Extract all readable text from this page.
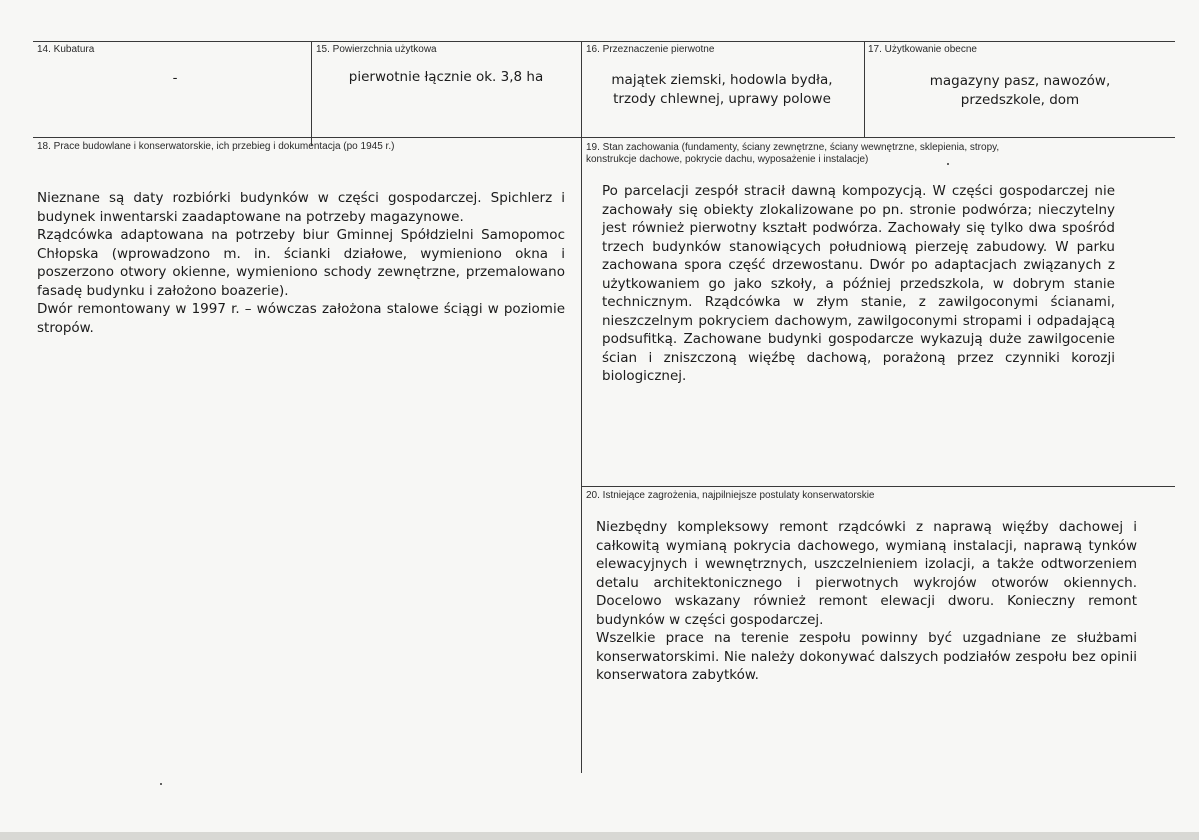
14. Kubatura
-
15. Powierzchnia użytkowa
pierwotnie łącznie ok. 3,8 ha
16. Przeznaczenie pierwotne
majątek ziemski, hodowla bydła,
trzody chlewnej, uprawy polowe
17. Użytkowanie obecne
magazyny pasz, nawozów,
przedszkole, dom
18. Prace budowlane i konserwatorskie, ich przebieg i dokumentacja (po 1945 r.)

Nieznane są daty rozbiórki budynków w części gospodarczej. Spichlerz i budynek inwentarski zaadaptowane na potrzeby magazynowe.

Rządcówka adaptowana na potrzeby biur Gminnej Spółdzielni Samopomoc Chłopska (wprowadzono m. in. ścianki działowe, wymieniono okna i poszerzono otwory okienne, wymieniono schody zewnętrzne, przemalowano fasadę budynku i założono boazerie).

Dwór remontowany w 1997 r. – wówczas założona stalowe ściągi w poziomie stropów.

19. Stan zachowania (fundamenty, ściany zewnętrzne, ściany wewnętrzne, sklepienia, stropy,
konstrukcje dachowe, pokrycie dachu, wyposażenie i instalacje)

Po parcelacji zespół stracił dawną kompozycją. W części gospodarczej nie zachowały się obiekty zlokalizowane po pn. stronie podwórza; nieczytelny jest również pierwotny kształt podwórza. Zachowały się tylko dwa spośród trzech budynków stanowiących południową pierzeję zabudowy. W parku zachowana spora część drzewostanu. Dwór po adaptacjach związanych z użytkowaniem go jako szkoły, a później przedszkola, w dobrym stanie technicznym. Rządcówka w złym stanie, z zawilgoconymi ścianami, nieszczelnym pokryciem dachowym, zawilgoconymi stropami i odpadającą podsufitką. Zachowane budynki gospodarcze wykazują duże zawilgocenie ścian i zniszczoną więźbę dachową, porażoną przez czynniki korozji biologicznej.

20. Istniejące zagrożenia, najpilniejsze postulaty konserwatorskie

Niezbędny kompleksowy remont rządcówki z naprawą więźby dachowej i całkowitą wymianą pokrycia dachowego, wymianą instalacji, naprawą tynków elewacyjnych i wewnętrznych, uszczelnieniem izolacji, a także odtworzeniem detalu architektonicznego i pierwotnych wykrojów otworów okiennych. Docelowo wskazany również remont elewacji dworu. Konieczny remont budynków w części gospodarczej.

Wszelkie prace na terenie zespołu powinny być uzgadniane ze służbami konserwatorskimi. Nie należy dokonywać dalszych podziałów zespołu bez opinii konserwatora zabytków.
